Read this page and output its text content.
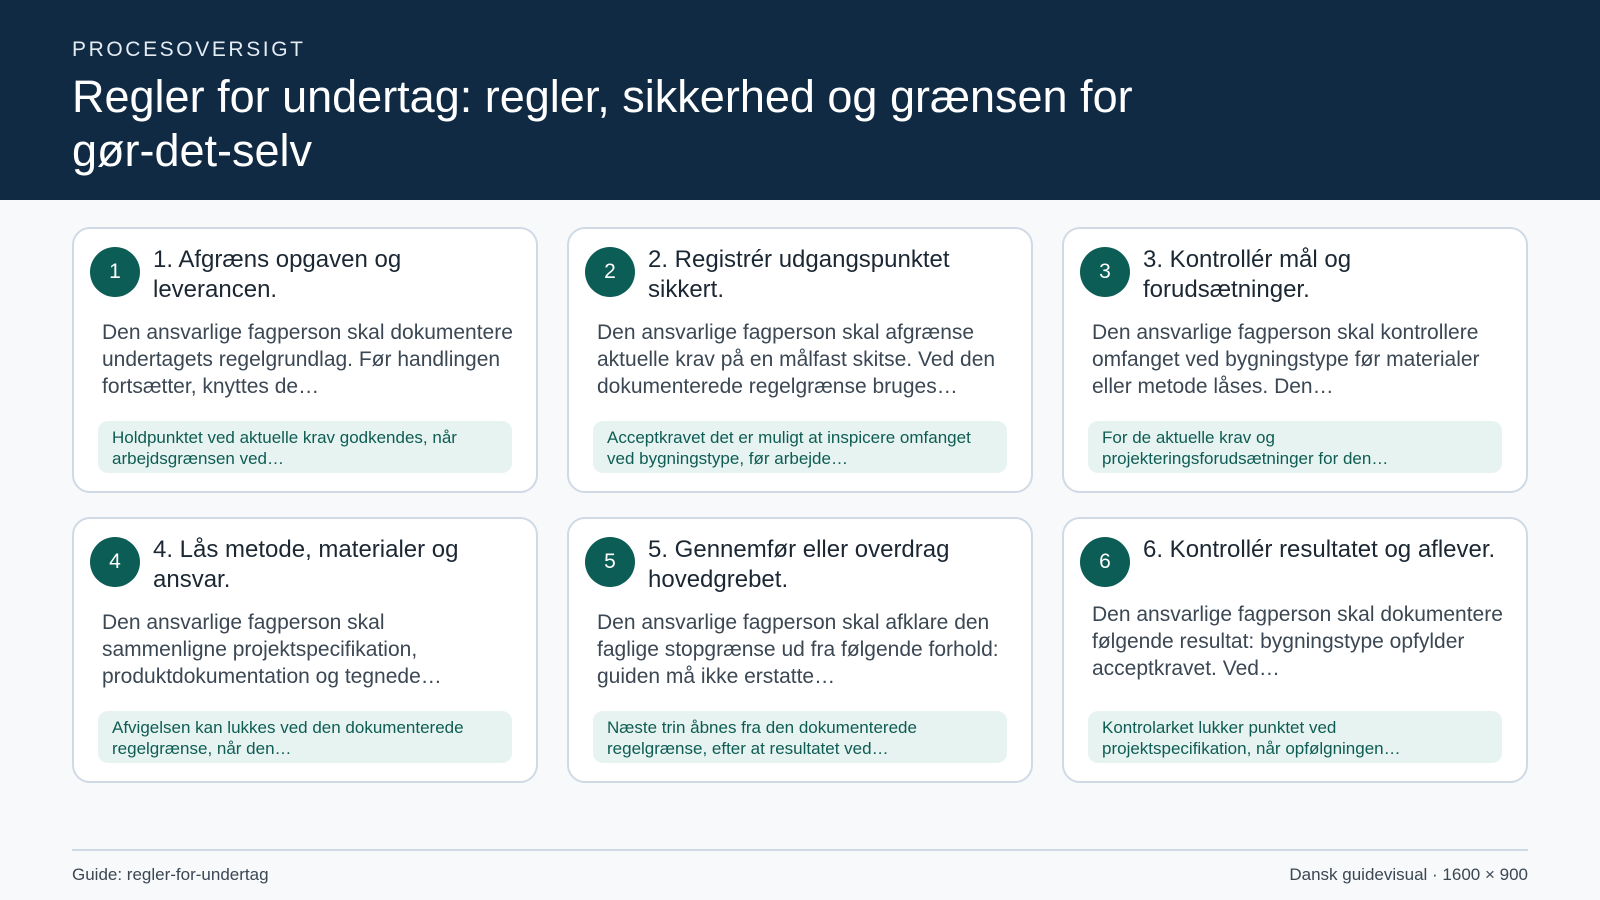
PROCESOVERSIGT
Regler for undertag: regler, sikkerhed og grænsen for gør-det-selv
1	1. Afgræns opgaven og leverancen.
Den ansvarlige fagperson skal dokumentere undertagets regelgrundlag. Før handlingen fortsætter, knyttes de…
Holdpunktet ved aktuelle krav godkendes, når arbejdsgrænsen ved…
2	2. Registrér udgangspunktet sikkert.
Den ansvarlige fagperson skal afgrænse aktuelle krav på en målfast skitse. Ved den dokumenterede regelgrænse bruges…
Acceptkravet det er muligt at inspicere omfanget ved bygningstype, før arbejde…
3	3. Kontrollér mål og forudsætninger.
Den ansvarlige fagperson skal kontrollere omfanget ved bygningstype før materialer eller metode låses. Den…
For de aktuelle krav og projekteringsforudsætninger for den…
4	4. Lås metode, materialer og ansvar.
Den ansvarlige fagperson skal sammenligne projektspecifikation, produktdokumentation og tegnede…
Afvigelsen kan lukkes ved den dokumenterede regelgrænse, når den…
5	5. Gennemfør eller overdrag hovedgrebet.
Den ansvarlige fagperson skal afklare den faglige stopgrænse ud fra følgende forhold: guiden må ikke erstatte…
Næste trin åbnes fra den dokumenterede regelgrænse, efter at resultatet ved…
6	6. Kontrollér resultatet og aflever.
Den ansvarlige fagperson skal dokumentere følgende resultat: bygningstype opfylder acceptkravet. Ved…
Kontrolarket lukker punktet ved projektspecifikation, når opfølgningen…
Guide: regler-for-undertag	Dansk guidevisual · 1600 × 900
